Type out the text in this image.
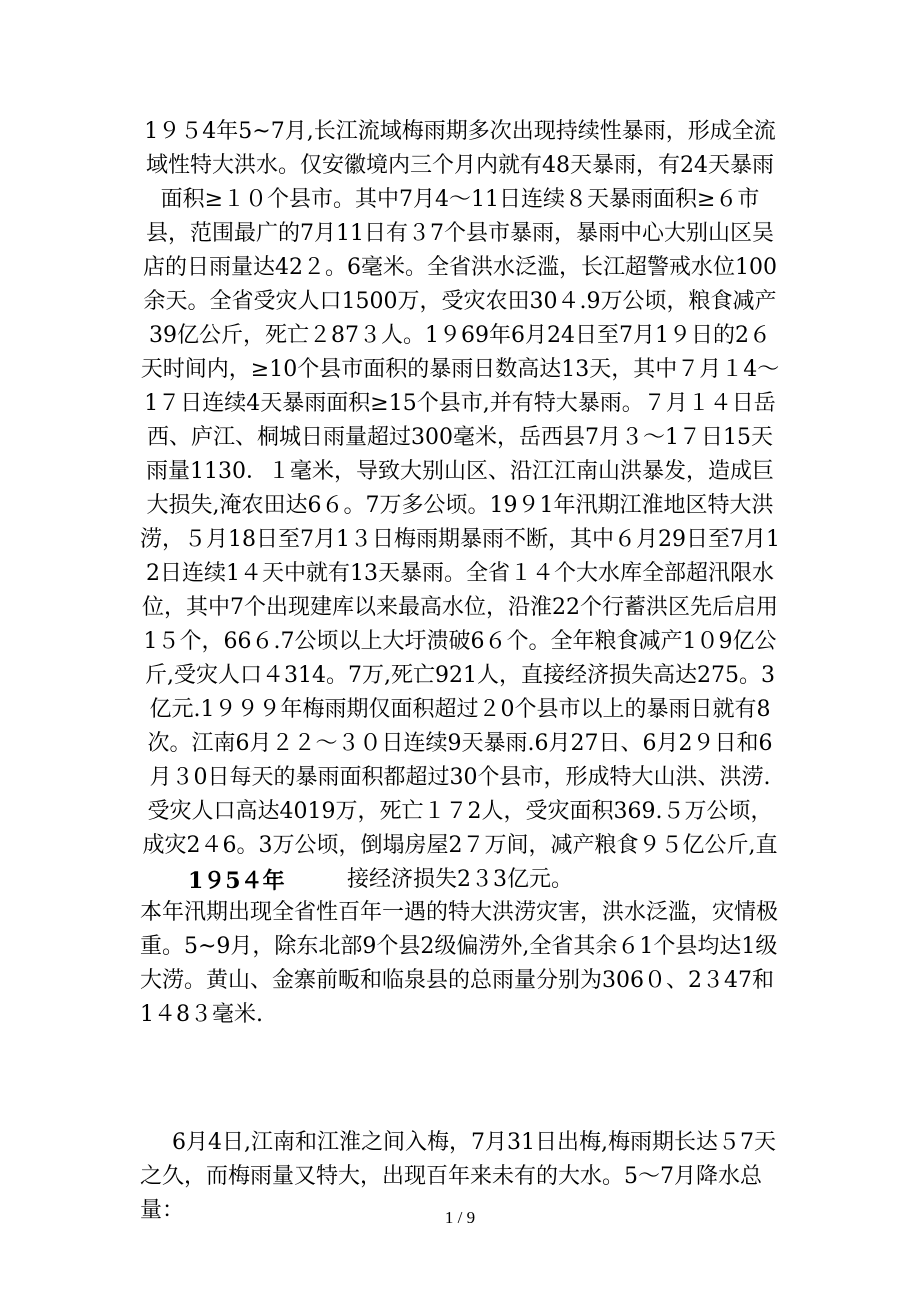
1９５4年5~7月,长江流域梅雨期多次出现持续性暴雨，形成全流域性特大洪水。仅安徽境内三个月内就有48天暴雨，有24天暴雨面积≥１０个县市。其中7月4～11日连续８天暴雨面积≥６市县，范围最广的7月11日有３7个县市暴雨，暴雨中心大别山区吴店的日雨量达42２。6毫米。全省洪水泛滥，长江超警戒水位100余天。全省受灾人口1500万，受灾农田30４.9万公顷，粮食减产39亿公斤，死亡２87３人。1９69年6月24日至7月1９日的2６天时间内，≥10个县市面积的暴雨日数高达13天，其中７月１4～1７日连续4天暴雨面积≥15个县市,并有特大暴雨。７月１４日岳西、庐江、桐城日雨量超过300毫米，岳西县7月３～1７日15天雨量1130．１毫米，导致大别山区、沿江江南山洪暴发，造成巨大损失,淹农田达6６。7万多公顷。19９1年汛期江淮地区特大洪涝，５月18日至7月1３日梅雨期暴雨不断，其中６月29日至7月12日连续1４天中就有13天暴雨。全省１４个大水库全部超汛限水位，其中7个出现建库以来最高水位，沿淮22个行蓄洪区先后启用1５个，66６.7公顷以上大圩溃破6６个。全年粮食减产1０9亿公斤,受灾人口４314。7万,死亡921人，直接经济损失高达275。3亿元.1９９９年梅雨期仅面积超过２0个县市以上的暴雨日就有8次。江南6月２２～３０日连续9天暴雨.6月27日、6月2９日和6月３0日每天的暴雨面积都超过30个县市，形成特大山洪、洪涝.受灾人口高达4019万，死亡１７2人，受灾面积369.５万公顷，成灾2４6。3万公顷，倒塌房屋2７万间，减产粮食９５亿公斤,直接经济损失2３3亿元。

1９5４年

本年汛期出现全省性百年一遇的特大洪涝灾害，洪水泛滥，灾情极重。5~9月，除东北部9个县2级偏涝外,全省其余６1个县均达1级大涝。黄山、金寨前畈和临泉县的总雨量分别为306０、2３47和1４8３毫米.

6月4日,江南和江淮之间入梅，7月31日出梅,梅雨期长达５7天之久，而梅雨量又特大，出现百年来未有的大水。5～7月降水总量：	1 / 9
